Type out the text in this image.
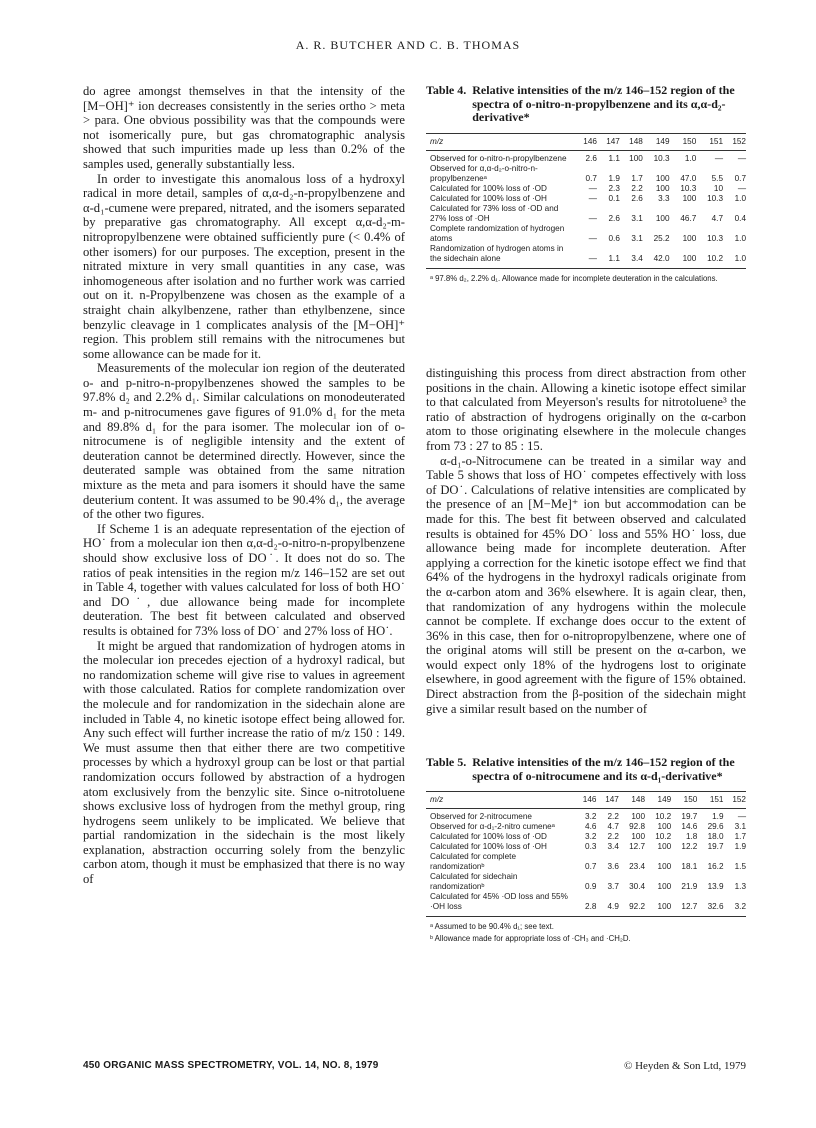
A. R. BUTCHER AND C. B. THOMAS

do agree amongst themselves in that the intensity of the [M−OH]⁺ ion decreases consistently in the series ortho > meta > para. One obvious possibility was that the compounds were not isomerically pure, but gas chromatographic analysis showed that such impurities made up less than 0.2% of the samples used, generally substantially less.

In order to investigate this anomalous loss of a hydroxyl radical in more detail, samples of α,α-d₂-n-propylbenzene and α-d₁-cumene were prepared, nitrated, and the isomers separated by preparative gas chromatography. All except α,α-d₂-m-nitropropylbenzene were obtained sufficiently pure (< 0.4% of other isomers) for our purposes. The exception, present in the nitrated mixture in very small quantities in any case, was inhomogeneous after isolation and no further work was carried out on it. n-Propylbenzene was chosen as the example of a straight chain alkylbenzene, rather than ethylbenzene, since benzylic cleavage in 1 complicates analysis of the [M−OH]⁺ region. This problem still remains with the nitrocumenes but some allowance can be made for it.

Measurements of the molecular ion region of the deuterated o- and p-nitro-n-propylbenzenes showed the samples to be 97.8% d₂ and 2.2% d₁. Similar calculations on monodeuterated m- and p-nitrocumenes gave figures of 91.0% d₁ for the meta and 89.8% d₁ for the para isomer. The molecular ion of o-nitrocumene is of negligible intensity and the extent of deuteration cannot be determined directly. However, since the deuterated sample was obtained from the same nitration mixture as the meta and para isomers it should have the same deuterium content. It was assumed to be 90.4% d₁, the average of the other two figures.

If Scheme 1 is an adequate representation of the ejection of HO˙ from a molecular ion then α,α-d₂-o-nitro-n-propylbenzene should show exclusive loss of DO˙. It does not do so. The ratios of peak intensities in the region m/z 146–152 are set out in Table 4, together with values calculated for loss of both HO˙ and DO˙, due allowance being made for incomplete deuteration. The best fit between calculated and observed results is obtained for 73% loss of DO˙ and 27% loss of HO˙.

It might be argued that randomization of hydrogen atoms in the molecular ion precedes ejection of a hydroxyl radical, but no randomization scheme will give rise to values in agreement with those calculated. Ratios for complete randomization over the molecule and for randomization in the sidechain alone are included in Table 4, no kinetic isotope effect being allowed for. Any such effect will further increase the ratio of m/z 150 : 149. We must assume then that either there are two competitive processes by which a hydroxyl group can be lost or that partial randomization occurs followed by abstraction of a hydrogen atom exclusively from the benzylic site. Since o-nitrotoluene shows exclusive loss of hydrogen from the methyl group, ring hydrogens seem unlikely to be implicated. We believe that partial randomization in the sidechain is the most likely explanation, abstraction occurring solely from the benzylic carbon atom, though it must be emphasized that there is no way of

Table 4. Relative intensities of the m/z 146–152 region of the spectra of o-nitro-n-propylbenzene and its α,α-d₂-derivative*
m/z	146	147	148	149	150	151	152
Observed for o-nitro-n-propylbenzene	2.6	1.1	100	10.3	1.0	—	—
Observed for α,α-d₂-o-nitro-n-propylbenzeneᵃ	0.7	1.9	1.7	100	47.0	5.5	0.7
Calculated for 100% loss of ·OD	—	2.3	2.2	100	10.3	10	—
Calculated for 100% loss of ·OH	—	0.1	2.6	3.3	100	10.3	1.0
Calculated for 73% loss of ·OD and 27% loss of ·OH	—	2.6	3.1	100	46.7	4.7	0.4
Complete randomization of hydrogen atoms	—	0.6	3.1	25.2	100	10.3	1.0
Randomization of hydrogen atoms in the sidechain alone	—	1.1	3.4	42.0	100	10.2	1.0
ᵃ 97.8% d₂, 2.2% d₁. Allowance made for incomplete deuteration in the calculations.

distinguishing this process from direct abstraction from other positions in the chain. Allowing a kinetic isotope effect similar to that calculated from Meyerson's results for nitrotoluene³ the ratio of abstraction of hydrogens originally on the α-carbon atom to those originating elsewhere in the molecule changes from 73 : 27 to 85 : 15.

α-d₁-o-Nitrocumene can be treated in a similar way and Table 5 shows that loss of HO˙ competes effectively with loss of DO˙. Calculations of relative intensities are complicated by the presence of an [M−Me]⁺ ion but accommodation can be made for this. The best fit between observed and calculated results is obtained for 45% DO˙ loss and 55% HO˙ loss, due allowance being made for incomplete deuteration. After applying a correction for the kinetic isotope effect we find that 64% of the hydrogens in the hydroxyl radicals originate from the α-carbon atom and 36% elsewhere. It is again clear, then, that randomization of any hydrogens within the molecule cannot be complete. If exchange does occur to the extent of 36% in this case, then for o-nitropropylbenzene, where one of the original atoms will still be present on the α-carbon, we would expect only 18% of the hydrogens lost to originate elsewhere, in good agreement with the figure of 15% obtained. Direct abstraction from the β-position of the sidechain might give a similar result based on the number of

Table 5. Relative intensities of the m/z 146–152 region of the spectra of o-nitrocumene and its α-d₁-derivative*
m/z	146	147	148	149	150	151	152
Observed for 2-nitrocumene	3.2	2.2	100	10.2	19.7	1.9	—
Observed for α-d₁-2-nitro cumeneᵃ	4.6	4.7	92.8	100	14.6	29.6	3.1
Calculated for 100% loss of ·OD	3.2	2.2	100	10.2	1.8	18.0	1.7
Calculated for 100% loss of ·OH	0.3	3.4	12.7	100	12.2	19.7	1.9
Calculated for complete randomizationᵇ	0.7	3.6	23.4	100	18.1	16.2	1.5
Calculated for sidechain randomizationᵇ	0.9	3.7	30.4	100	21.9	13.9	1.3
Calculated for 45% ·OD loss and 55% ·OH loss	2.8	4.9	92.2	100	12.7	32.6	3.2
ᵃ Assumed to be 90.4% d₁; see text.
ᵇ Allowance made for appropriate loss of ·CH₃ and ·CH₂D.
450 ORGANIC MASS SPECTROMETRY, VOL. 14, NO. 8, 1979	© Heyden & Son Ltd, 1979
